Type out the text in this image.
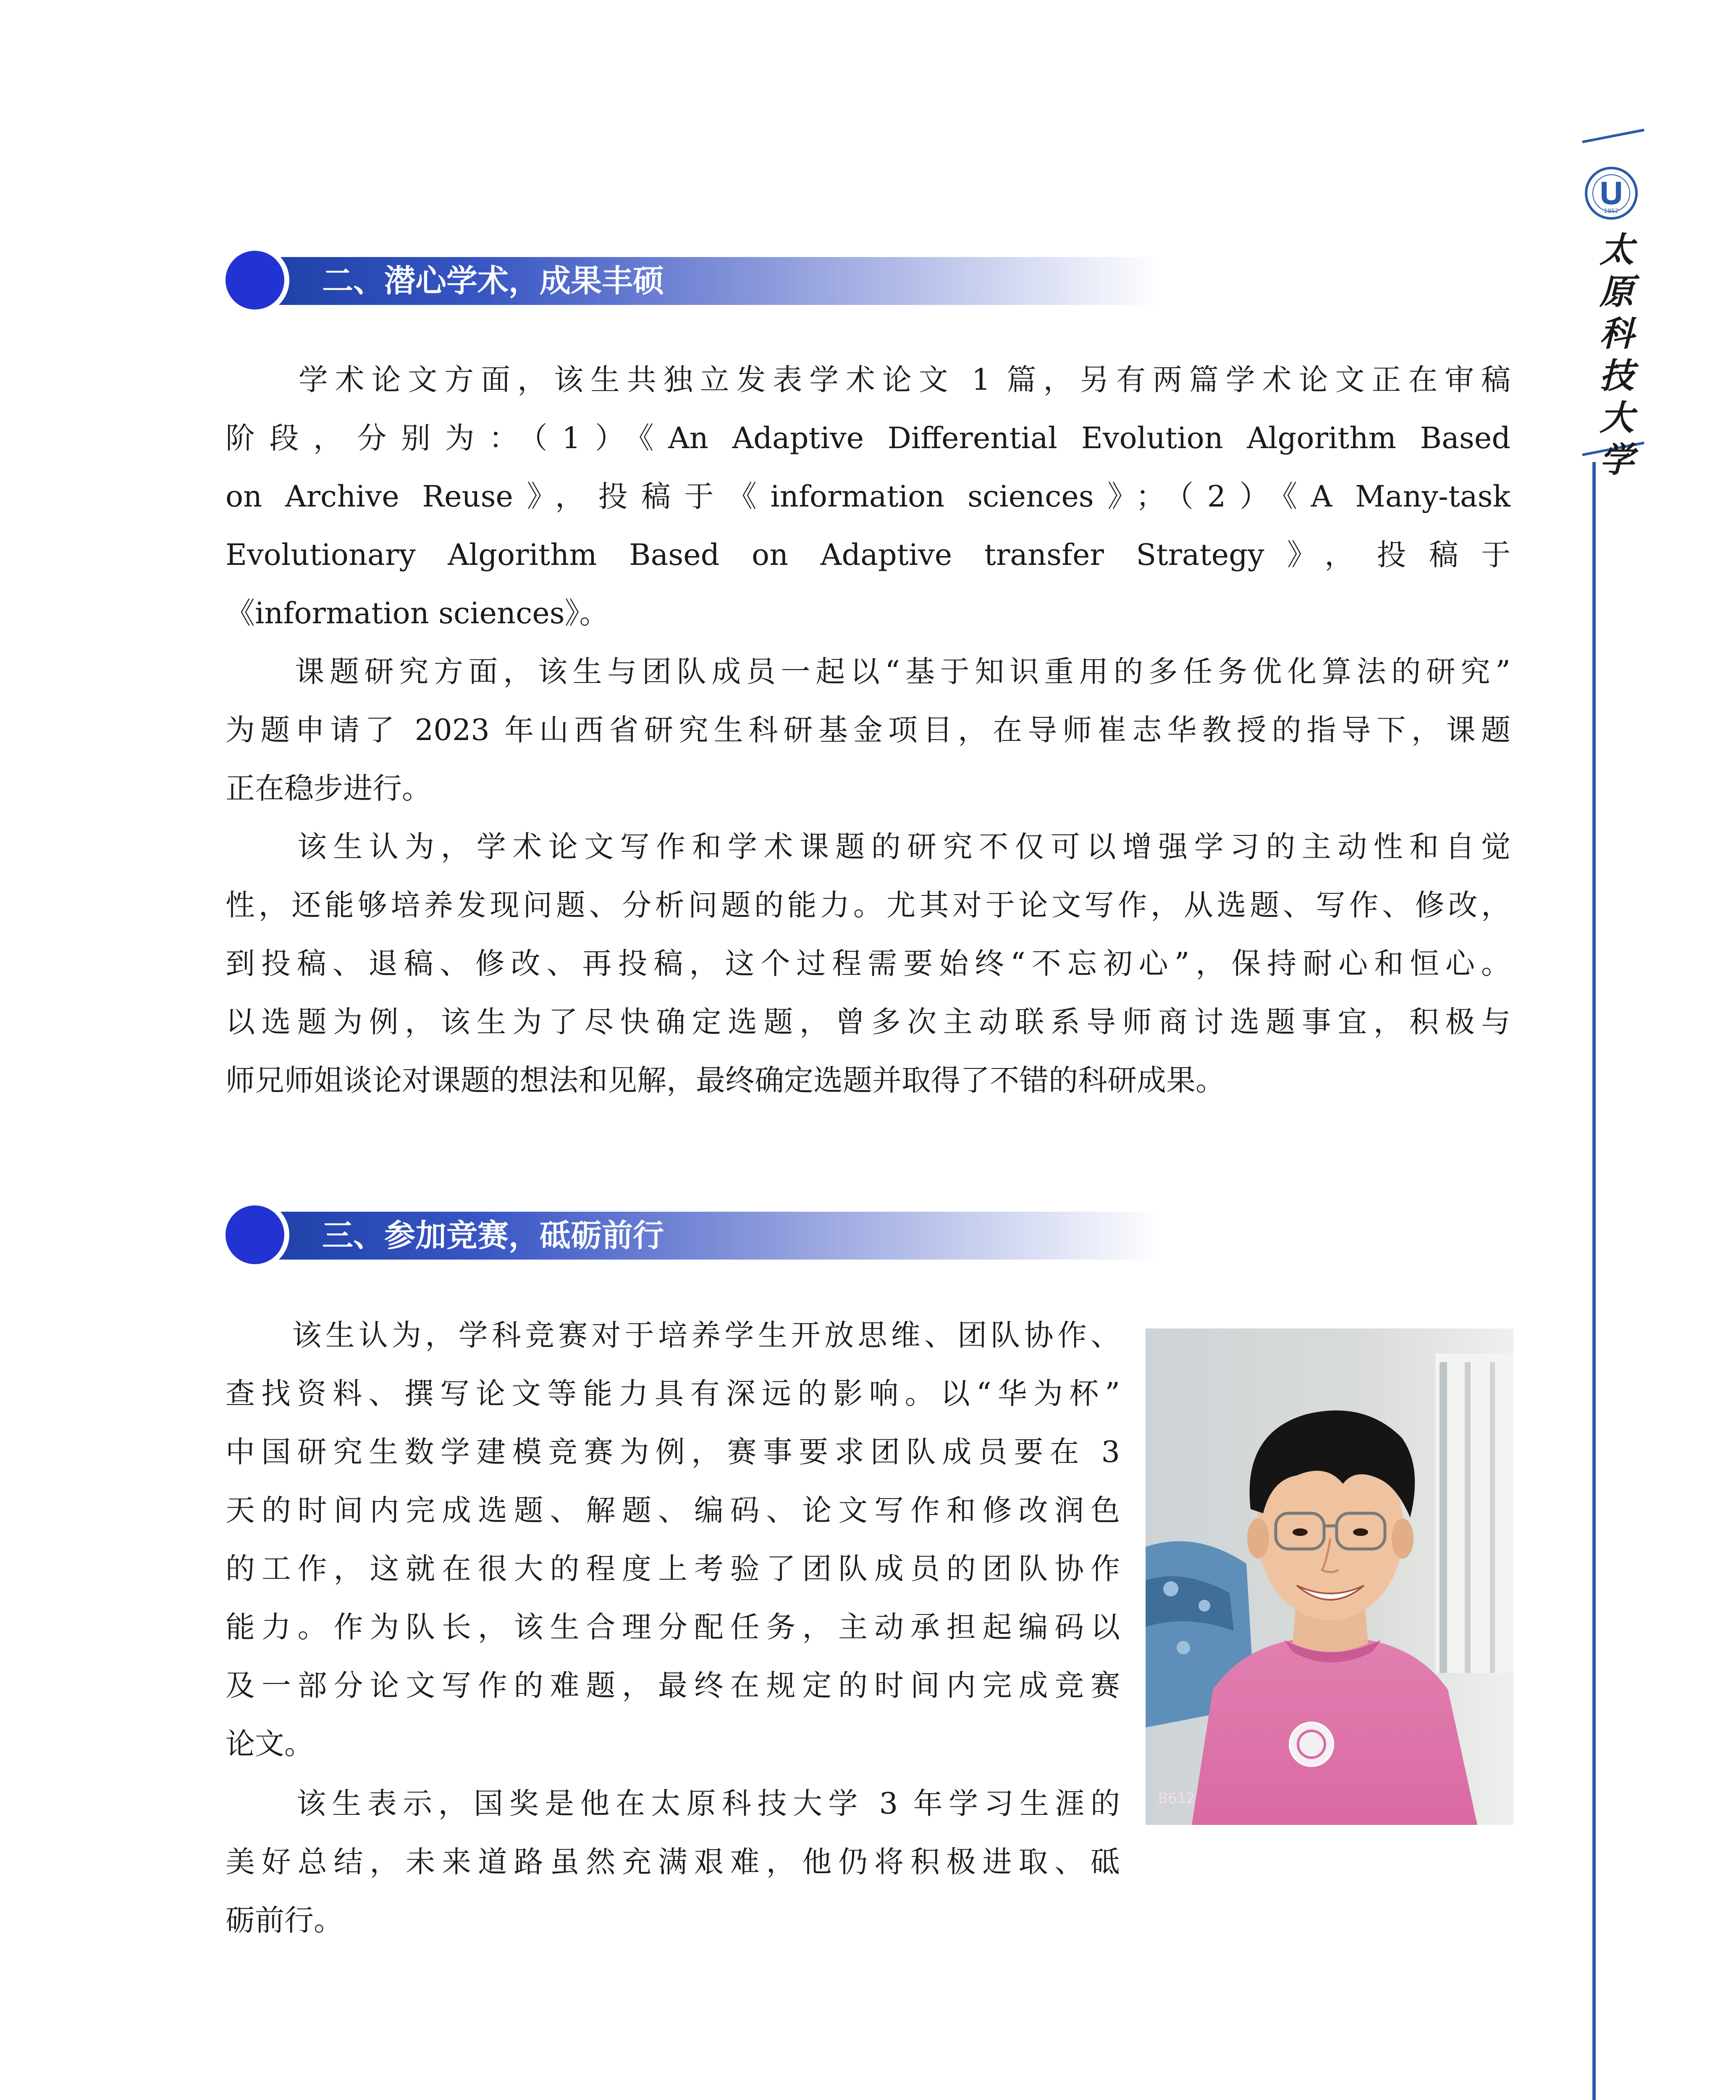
1952
太原科技大学
二、潜心学术，成果丰硕
　　学术论文方面，该生共独立发表学术论文 1 篇，另有两篇学术论文正在审稿
阶段，分别为：（1）《An Adaptive Differential Evolution Algorithm Based
on Archive Reuse》，投稿于《information sciences》；（2）《A Many-task
Evolutionary Algorithm Based on Adaptive transfer Strategy》，投稿于
《information sciences》。
　　课题研究方面，该生与团队成员一起以“基于知识重用的多任务优化算法的研究”
为题申请了 2023 年山西省研究生科研基金项目，在导师崔志华教授的指导下，课题
正在稳步进行。
　　该生认为，学术论文写作和学术课题的研究不仅可以增强学习的主动性和自觉
性，还能够培养发现问题、分析问题的能力。尤其对于论文写作，从选题、写作、修改，
到投稿、退稿、修改、再投稿，这个过程需要始终“不忘初心”，保持耐心和恒心。
以选题为例，该生为了尽快确定选题，曾多次主动联系导师商讨选题事宜，积极与
师兄师姐谈论对课题的想法和见解，最终确定选题并取得了不错的科研成果。
三、参加竞赛，砥砺前行
　　该生认为，学科竞赛对于培养学生开放思维、团队协作、
查找资料、撰写论文等能力具有深远的影响。以“华为杯”
中国研究生数学建模竞赛为例，赛事要求团队成员要在 3
天的时间内完成选题、解题、编码、论文写作和修改润色
的工作，这就在很大的程度上考验了团队成员的团队协作
能力。作为队长，该生合理分配任务，主动承担起编码以
及一部分论文写作的难题，最终在规定的时间内完成竞赛
论文。
　　该生表示，国奖是他在太原科技大学 3 年学习生涯的
美好总结，未来道路虽然充满艰难，他仍将积极进取、砥
砺前行。
B612
